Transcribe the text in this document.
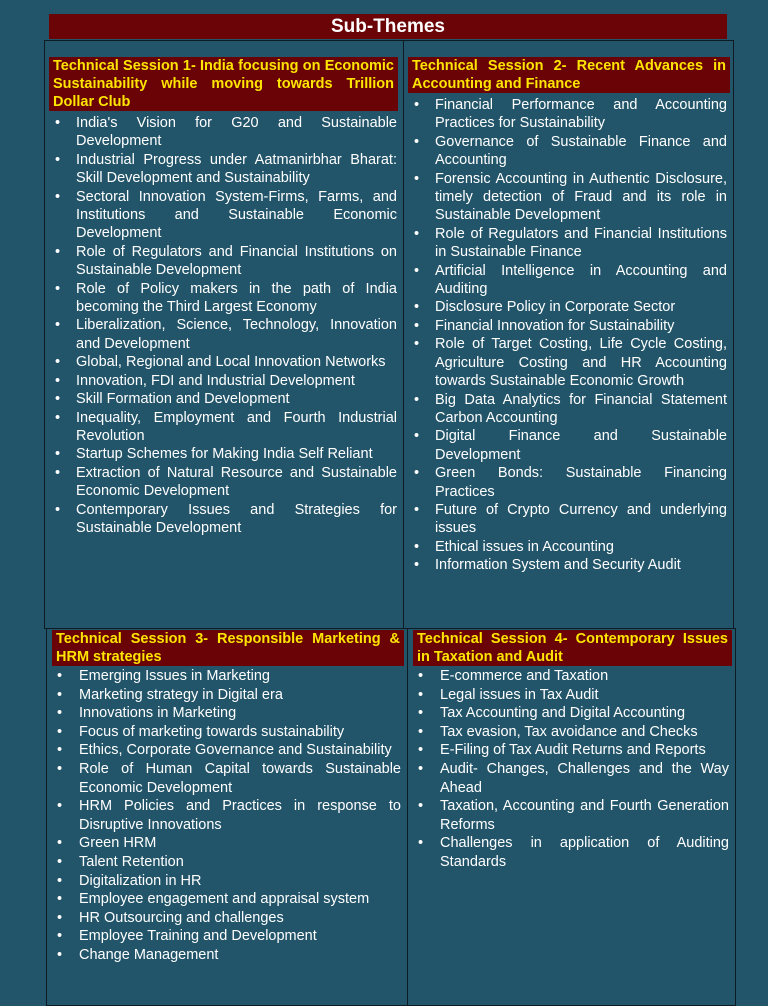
Sub-Themes
Technical Session 1- India focusing on Economic Sustainability while moving towards Trillion Dollar Club
•	India's Vision for G20 and Sustainable Development
•	Industrial Progress under Aatmanirbhar Bharat: Skill Development and Sustainability
•	Sectoral Innovation System-Firms, Farms, and Institutions and Sustainable Economic Development
•	Role of Regulators and Financial Institutions on Sustainable Development
•	Role of Policy makers in the path of India becoming the Third Largest Economy
•	Liberalization, Science, Technology, Innovation and Development
•	Global, Regional and Local Innovation Networks
•	Innovation, FDI and Industrial Development
•	Skill Formation and Development
•	Inequality, Employment and Fourth Industrial Revolution
•	Startup Schemes for Making India Self Reliant
•	Extraction of Natural Resource and Sustainable Economic Development
•	Contemporary Issues and Strategies for Sustainable Development
Technical Session 2- Recent Advances in Accounting and Finance
•	Financial Performance and Accounting Practices for Sustainability
•	Governance of Sustainable Finance and Accounting
•	Forensic Accounting in Authentic Disclosure, timely detection of Fraud and its role in Sustainable Development
•	Role of Regulators and Financial Institutions in Sustainable Finance
•	Artificial Intelligence in Accounting and Auditing
•	Disclosure Policy in Corporate Sector
•	Financial Innovation for Sustainability
•	Role of Target Costing, Life Cycle Costing, Agriculture Costing and HR Accounting towards Sustainable Economic Growth
•	Big Data Analytics for Financial Statement Carbon Accounting
•	Digital Finance and Sustainable Development
•	Green Bonds: Sustainable Financing Practices
•	Future of Crypto Currency and underlying issues
•	Ethical issues in Accounting
•	Information System and Security Audit
Technical Session 3- Responsible Marketing & HRM strategies
•	Emerging Issues in Marketing
•	Marketing strategy in Digital era
•	Innovations in Marketing
•	Focus of marketing towards sustainability
•	Ethics, Corporate Governance and Sustainability
•	Role of Human Capital towards Sustainable Economic Development
•	HRM Policies and Practices in response to Disruptive Innovations
•	Green HRM
•	Talent Retention
•	Digitalization in HR
•	Employee engagement and appraisal system
•	HR Outsourcing and challenges
•	Employee Training and Development
•	Change Management
Technical Session 4- Contemporary Issues in Taxation and Audit
•	E-commerce and Taxation
•	Legal issues in Tax Audit
•	Tax Accounting and Digital Accounting
•	Tax evasion, Tax avoidance and Checks
•	E-Filing of Tax Audit Returns and Reports
•	Audit- Changes, Challenges and the Way Ahead
•	Taxation, Accounting and Fourth Generation Reforms
•	Challenges in application of Auditing Standards
